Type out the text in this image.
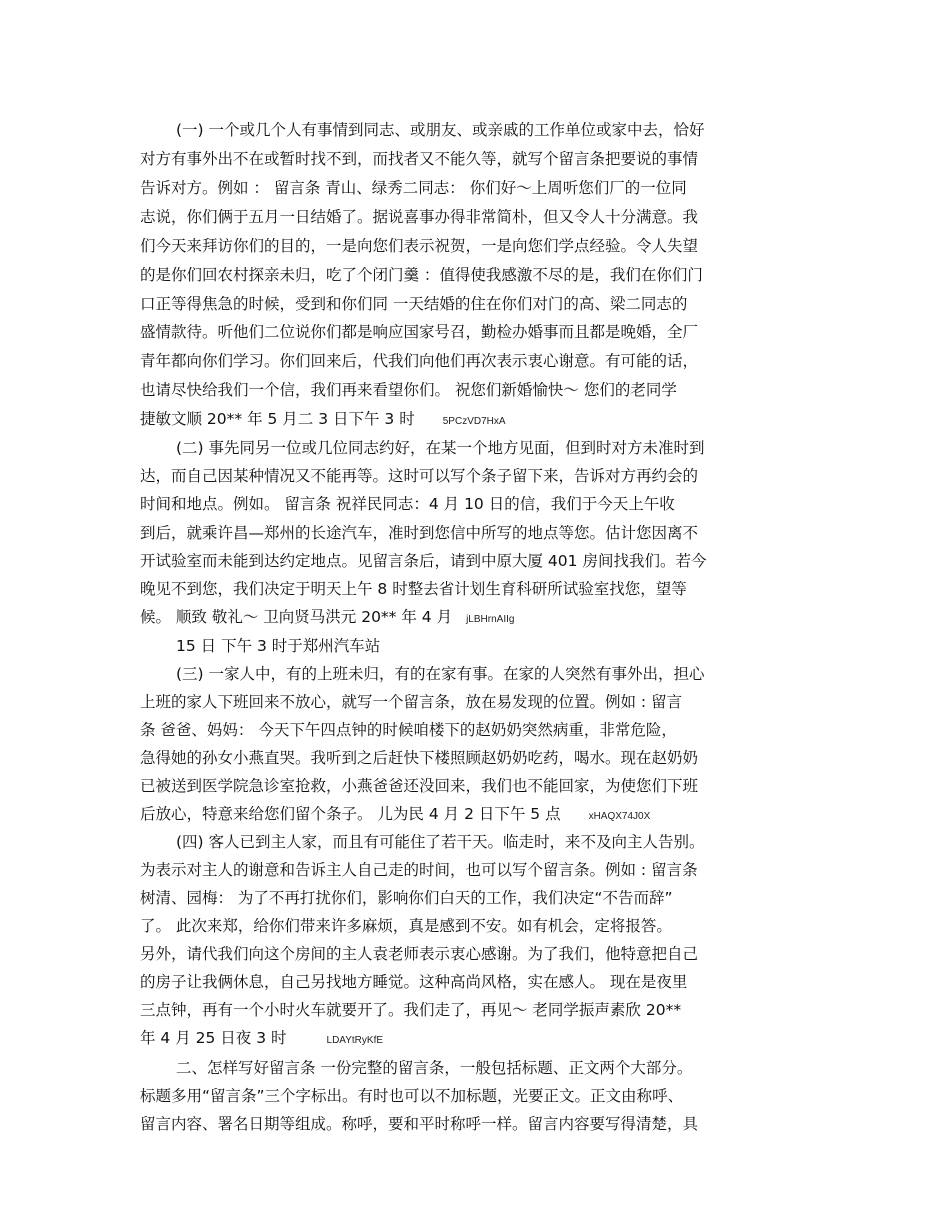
(一) 一个或几个人有事情到同志、或朋友、或亲戚的工作单位或家中去，恰好
对方有事外出不在或暂时找不到，而找者又不能久等，就写个留言条把要说的事情
告诉对方。例如 ： 留言条 青山、绿秀二同志： 你们好～上周听您们厂的一位同
志说，你们俩于五月一日结婚了。据说喜事办得非常简朴，但又令人十分满意。我
们今天来拜访你们的目的，一是向您们表示祝贺，一是向您们学点经验。令人失望
的是你们回农村探亲未归，吃了个闭门羹 ：值得使我感激不尽的是，我们在你们门
口正等得焦急的时候，受到和你们同 一天结婚的住在你们对门的高、梁二同志的
盛情款待。听他们二位说你们都是响应国家号召，勤检办婚事而且都是晚婚，全厂
青年都向你们学习。你们回来后，代我们向他们再次表示衷心谢意。有可能的话，
也请尽快给我们一个信，我们再来看望你们。 祝您们新婚愉快～ 您们的老同学
捷敏文顺 20** 年 5 月二 3 日下午 3 时	5PCzVD7HxA
(二) 事先同另一位或几位同志约好，在某一个地方见面，但到时对方未准时到
达，而自己因某种情况又不能再等。这时可以写个条子留下来，告诉对方再约会的
时间和地点。例如。 留言条 祝祥民同志：4 月 10 日的信，我们于今天上午收
到后，就乘许昌—郑州的长途汽车，准时到您信中所写的地点等您。估计您因离不
开试验室而未能到达约定地点。见留言条后，请到中原大厦 401 房间找我们。若今
晚见不到您，我们决定于明天上午 8 时整去省计划生育科研所试验室找您，望等
候。 顺致 敬礼～ 卫向贤马洪元 20** 年 4 月 jLBHrnAIIg
15 日 下午 3 时于郑州汽车站
(三) 一家人中，有的上班未归，有的在家有事。在家的人突然有事外出，担心
上班的家人下班回来不放心，就写一个留言条，放在易发现的位置。例如 : 留言
条 爸爸、妈妈： 今天下午四点钟的时候咱楼下的赵奶奶突然病重，非常危险，
急得她的孙女小燕直哭。我听到之后赶快下楼照顾赵奶奶吃药，喝水。现在赵奶奶
已被送到医学院急诊室抢救，小燕爸爸还没回来，我们也不能回家，为使您们下班
后放心，特意来给您们留个条子。 儿为民 4 月 2 日下午 5 点	xHAQX74J0X
(四) 客人已到主人家，而且有可能住了若干天。临走时，来不及向主人告别。
为表示对主人的谢意和告诉主人自己走的时间，也可以写个留言条。例如 : 留言条
树清、园梅： 为了不再打扰你们，影响你们白天的工作，我们决定“不告而辞”
了。 此次来郑，给你们带来许多麻烦，真是感到不安。如有机会，定将报答。
另外，请代我们向这个房间的主人袁老师表示衷心感谢。为了我们，他特意把自己
的房子让我俩休息，自己另找地方睡觉。这种高尚风格，实在感人。 现在是夜里
三点钟，再有一个小时火车就要开了。我们走了，再见～ 老同学振声素欣 20**
年 4 月 25 日夜 3 时	LDAYtRyKfE
二、怎样写好留言条 一份完整的留言条，一般包括标题、正文两个大部分。
标题多用“留言条”三个字标出。有时也可以不加标题，光要正文。正文由称呼、
留言内容、署名日期等组成。称呼，要和平时称呼一样。留言内容要写得清楚，具
